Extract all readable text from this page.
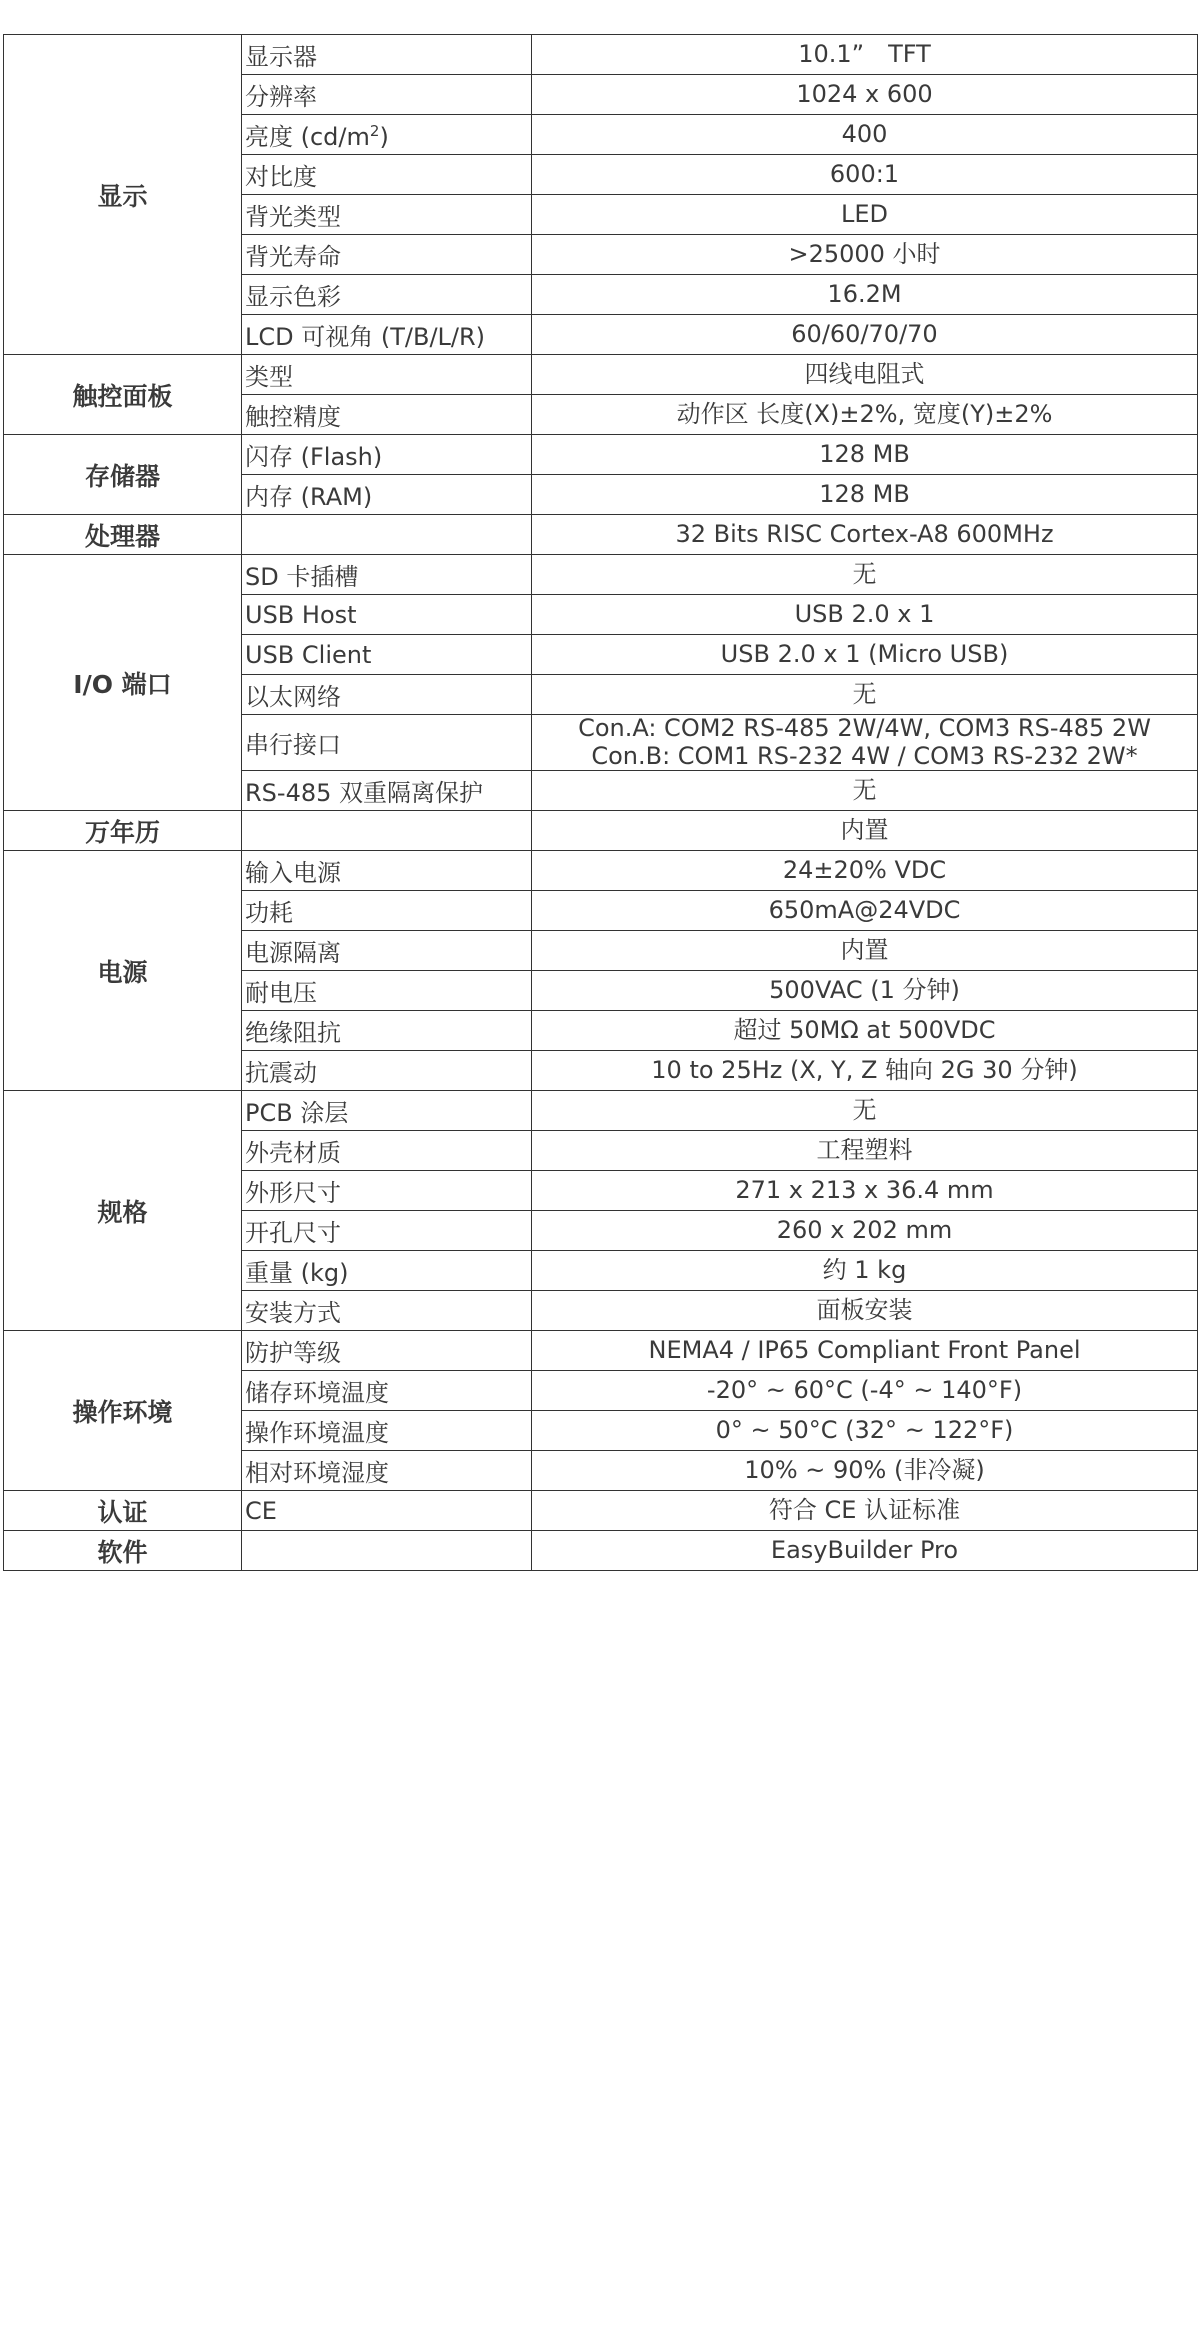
显示	显示器	10.1”　TFT

	分辨率	1024 x 600

	亮度 $(cd/m^2)$	400

	对比度	600:1

	背光类型	LED

	背光寿命	>25000 小时

	显示色彩	16.2M

	LCD 可视角 (T/B/L/R)	60/60/70/70

触控面板	类型	四线电阻式

	触控精度	动作区 长度(X)±2%, 宽度(Y)±2%

存储器	闪存 (Flash)	128 MB

	内存 (RAM)	128 MB

处理器		32 Bits RISC Cortex-A8 600MHz

I/O 端口	SD 卡插槽	无

	USB Host	USB 2.0 x 1

	USB Client	USB 2.0 x 1 (Micro USB)

	以太网络	无

	串行接口	Con.A: COM2 RS-485 2W/4W, COM3 RS-485 2W
Con.B: COM1 RS-232 4W / COM3 RS-232 2W*

	RS-485 双重隔离保护	无

万年历		内置

电源	输入电源	24±20% VDC

	功耗	650mA@24VDC

	电源隔离	内置

	耐电压	500VAC (1 分钟)

	绝缘阻抗	超过 50MΩ at 500VDC

	抗震动	10 to 25Hz (X, Y, Z 轴向 2G 30 分钟)

规格	PCB 涂层	无

	外壳材质	工程塑料

	外形尺寸	271 x 213 x 36.4 mm

	开孔尺寸	260 x 202 mm

	重量 (kg)	约 1 kg

	安装方式	面板安装

操作环境	防护等级	NEMA4 / IP65 Compliant Front Panel

	储存环境温度	-20° ~ 60°C (-4° ~ 140°F)

	操作环境温度	0° ~ 50°C (32° ~ 122°F)

	相对环境湿度	10% ~ 90% (非冷凝)

认证	CE	符合 CE 认证标准

软件		EasyBuilder Pro
